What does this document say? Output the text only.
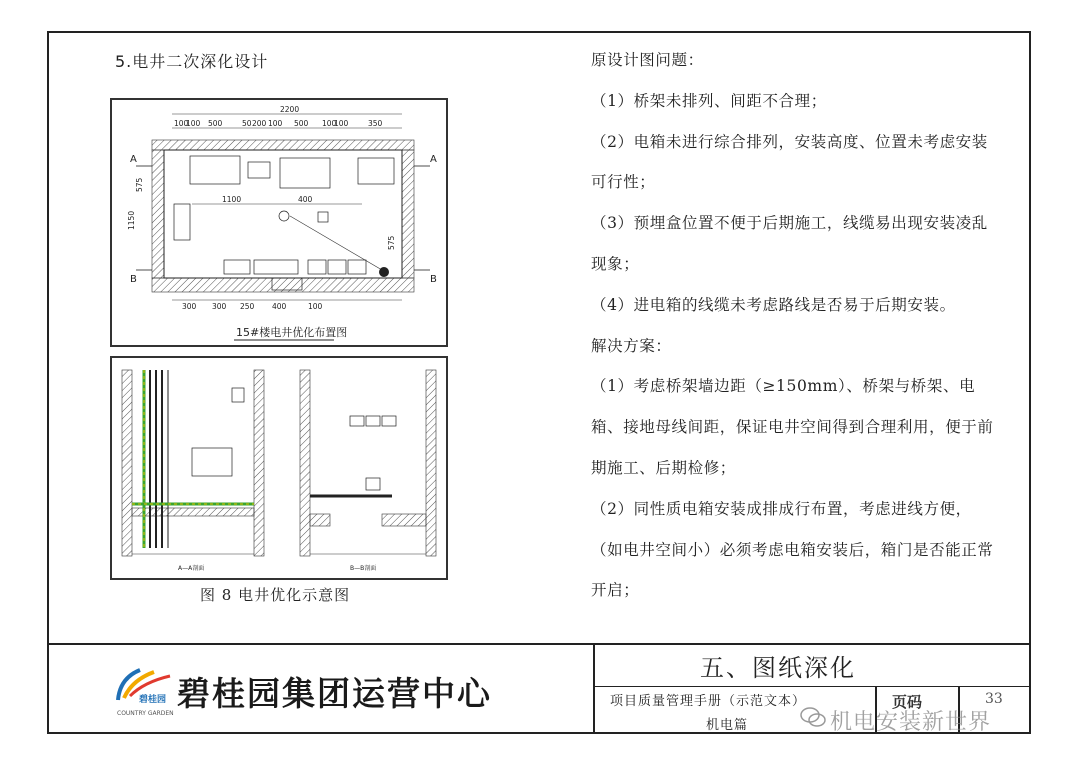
5.电井二次深化设计
2200
100
100 500	50 200 100 500 100
100	350
1100	400
575
1150
575
300 300 250 400	100
A	A
B	B
15#楼电井优化布置图
A—A剖面	B—B剖面
图 8 电井优化示意图

原设计图问题：

（1）桥架未排列、间距不合理；

（2）电箱未进行综合排列，安装高度、位置未考虑安装可行性；

（3）预埋盒位置不便于后期施工，线缆易出现安装凌乱现象；

（4）进电箱的线缆未考虑路线是否易于后期安装。

解决方案：

（1）考虑桥架墙边距（≥150mm）、桥架与桥架、电箱、接地母线间距，保证电井空间得到合理利用，便于前期施工、后期检修；

（2）同性质电箱安装成排成行布置，考虑进线方便，（如电井空间小）必须考虑电箱安装后，箱门是否能正常开启；

碧桂园
COUNTRY GARDEN
碧桂园集团运营中心
五、图纸深化
项目质量管理手册（示范文本）
机电篇
页码	33
机电安装新世界
